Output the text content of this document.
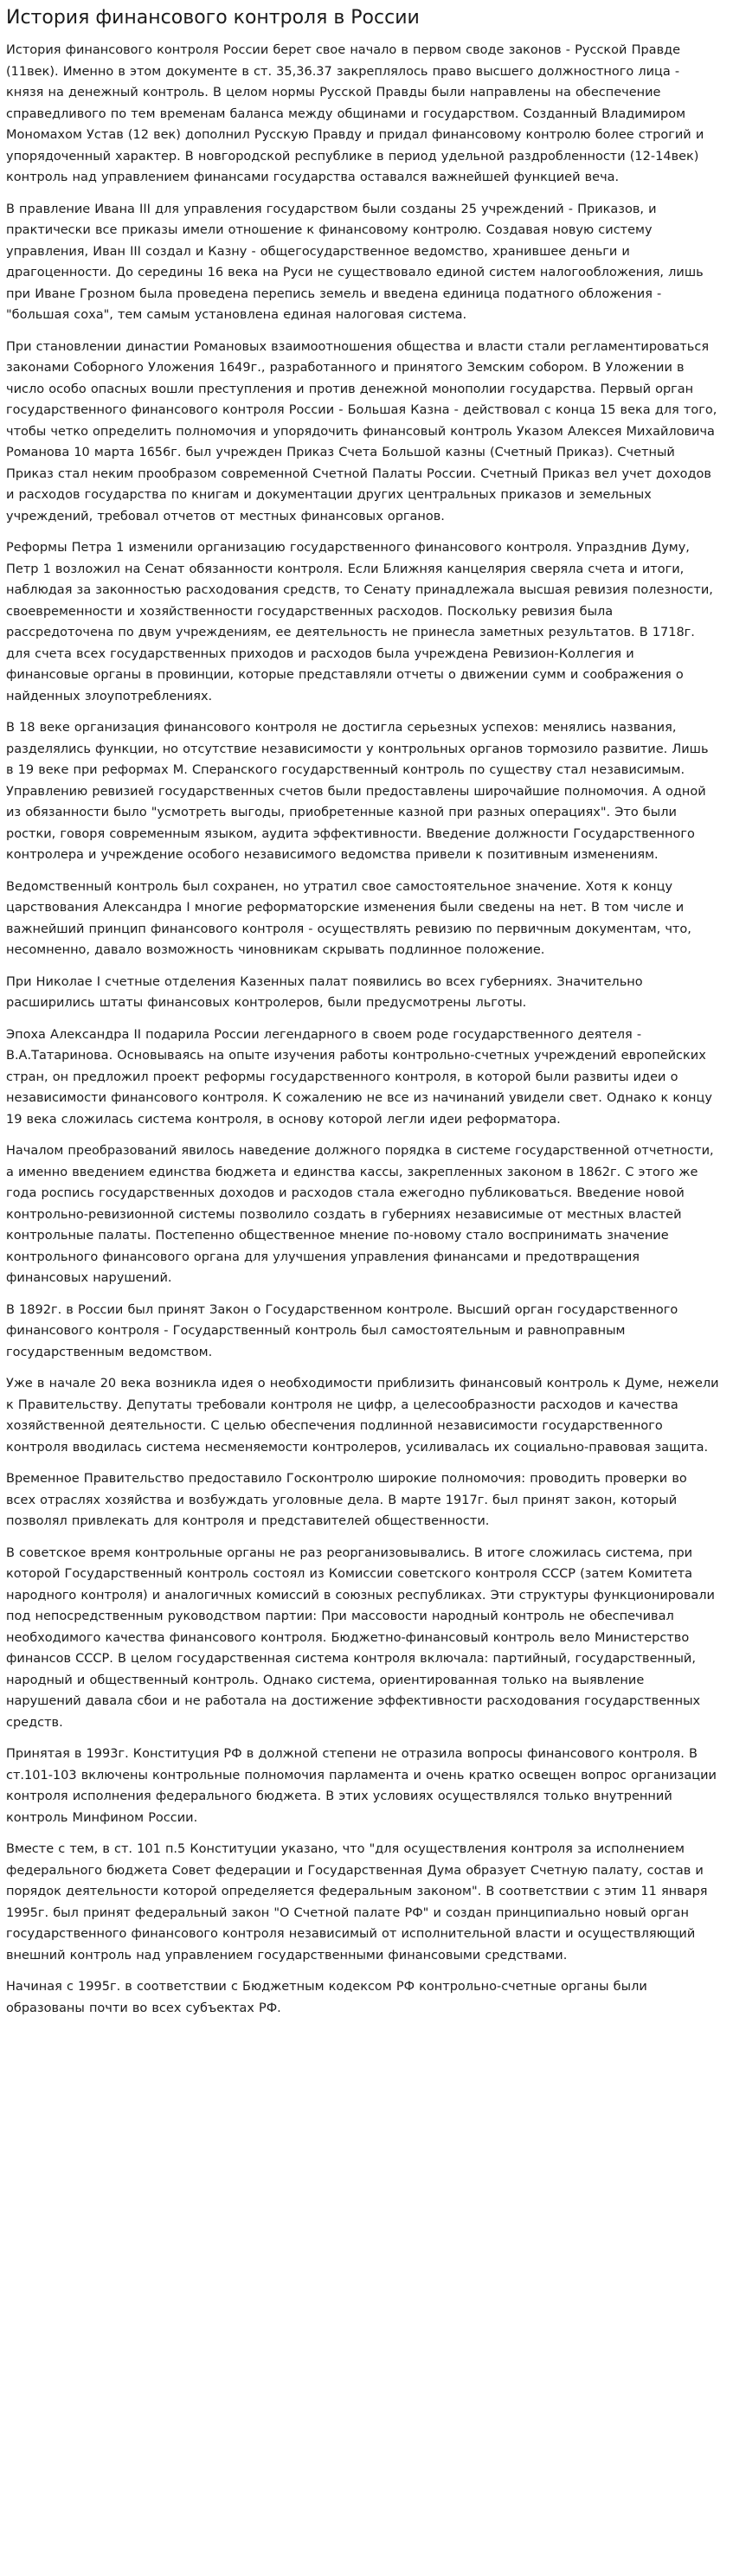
История финансового контроля в России

История финансового контроля России берет свое начало в первом своде законов - Русской Правде (11век). Именно в этом документе в ст. 35,36.37 закреплялось право высшего должностного лица - князя на денежный контроль. В целом нормы Русской Правды были направлены на обеспечение справедливого по тем временам баланса между общинами и государством. Созданный Владимиром Мономахом Устав (12 век) дополнил Русскую Правду и придал финансовому контролю более строгий и упорядоченный характер. В новгородской республике в период удельной раздробленности (12-14век) контроль над управлением финансами государства оставался важнейшей функцией веча.

В правление Ивана III для управления государством были созданы 25 учреждений - Приказов, и практически все приказы имели отношение к финансовому контролю. Создавая новую систему управления, Иван III создал и Казну - общегосударственное ведомство, хранившее деньги и драгоценности. До середины 16 века на Руси не существовало единой систем налогообложения, лишь при Иване Грозном была проведена перепись земель и введена единица податного обложения - "большая соха", тем самым установлена единая налоговая система.

При становлении династии Романовых взаимоотношения общества и власти стали регламентироваться законами Соборного Уложения 1649г., разработанного и принятого Земским собором. В Уложении в число особо опасных вошли преступления и против денежной монополии государства. Первый орган государственного финансового контроля России - Большая Казна - действовал с конца 15 века для того, чтобы четко определить полномочия и упорядочить финансовый контроль Указом Алексея Михайловича Романова 10 марта 1656г. был учрежден Приказ Счета Большой казны (Счетный Приказ). Счетный Приказ стал неким прообразом современной Счетной Палаты России. Счетный Приказ вел учет доходов и расходов государства по книгам и документации других центральных приказов и земельных учреждений, требовал отчетов от местных финансовых органов.

Реформы Петра 1 изменили организацию государственного финансового контроля. Упразднив Думу, Петр 1 возложил на Сенат обязанности контроля. Если Ближняя канцелярия сверяла счета и итоги, наблюдая за законностью расходования средств, то Сенату принадлежала высшая ревизия полезности, своевременности и хозяйственности государственных расходов. Поскольку ревизия была рассредоточена по двум учреждениям, ее деятельность не принесла заметных результатов. В 1718г. для счета всех государственных приходов и расходов была учреждена Ревизион-Коллегия и финансовые органы в провинции, которые представляли отчеты о движении сумм и соображения о найденных злоупотреблениях.

В 18 веке организация финансового контроля не достигла серьезных успехов: менялись названия, разделялись функции, но отсутствие независимости у контрольных органов тормозило развитие. Лишь в 19 веке при реформах М. Сперанского государственный контроль по существу стал независимым. Управлению ревизией государственных счетов были предоставлены широчайшие полномочия. А одной из обязанности было "усмотреть выгоды, приобретенные казной при разных операциях". Это были ростки, говоря современным языком, аудита эффективности. Введение должности Государственного контролера и учреждение особого независимого ведомства привели к позитивным изменениям.

Ведомственный контроль был сохранен, но утратил свое самостоятельное значение. Хотя к концу царствования Александра I многие реформаторские изменения были сведены на нет. В том числе и важнейший принцип финансового контроля - осуществлять ревизию по первичным документам, что, несомненно, давало возможность чиновникам скрывать подлинное положение.

При Николае I счетные отделения Казенных палат появились во всех губерниях. Значительно расширились штаты финансовых контролеров, были предусмотрены льготы.

Эпоха Александра II подарила России легендарного в своем роде государственного деятеля - В.А.Татаринова. Основываясь на опыте изучения работы контрольно-счетных учреждений европейских стран, он предложил проект реформы государственного контроля, в которой были развиты идеи о независимости финансового контроля. К сожалению не все из начинаний увидели свет. Однако к концу 19 века сложилась система контроля, в основу которой легли идеи реформатора.

Началом преобразований явилось наведение должного порядка в системе государственной отчетности, а именно введением единства бюджета и единства кассы, закрепленных законом в 1862г. С этого же года роспись государственных доходов и расходов стала ежегодно публиковаться. Введение новой контрольно-ревизионной системы позволило создать в губерниях независимые от местных властей контрольные палаты. Постепенно общественное мнение по-новому стало воспринимать значение контрольного финансового органа для улучшения управления финансами и предотвращения финансовых нарушений.

В 1892г. в России был принят Закон о Государственном контроле. Высший орган государственного финансового контроля - Государственный контроль был самостоятельным и равноправным государственным ведомством.

Уже в начале 20 века возникла идея о необходимости приблизить финансовый контроль к Думе, нежели к Правительству. Депутаты требовали контроля не цифр, а целесообразности расходов и качества хозяйственной деятельности. С целью обеспечения подлинной независимости государственного контроля вводилась система несменяемости контролеров, усиливалась их социально-правовая защита.

Временное Правительство предоставило Госконтролю широкие полномочия: проводить проверки во всех отраслях хозяйства и возбуждать уголовные дела. В марте 1917г. был принят закон, который позволял привлекать для контроля и представителей общественности.

В советское время контрольные органы не раз реорганизовывались. В итоге сложилась система, при которой Государственный контроль состоял из Комиссии советского контроля СССР (затем Комитета народного контроля) и аналогичных комиссий в союзных республиках. Эти структуры функционировали под непосредственным руководством партии: При массовости народный контроль не обеспечивал необходимого качества финансового контроля. Бюджетно-финансовый контроль вело Министерство финансов СССР. В целом государственная система контроля включала: партийный, государственный, народный и общественный контроль. Однако система, ориентированная только на выявление нарушений давала сбои и не работала на достижение эффективности расходования государственных средств.

Принятая в 1993г. Конституция РФ в должной степени не отразила вопросы финансового контроля. В ст.101-103 включены контрольные полномочия парламента и очень кратко освещен вопрос организации контроля исполнения федерального бюджета. В этих условиях осуществлялся только внутренний контроль Минфином России.

Вместе с тем, в ст. 101 п.5 Конституции указано, что "для осуществления контроля за исполнением федерального бюджета Совет федерации и Государственная Дума образует Счетную палату, состав и порядок деятельности которой определяется федеральным законом". В соответствии с этим 11 января 1995г. был принят федеральный закон "О Счетной палате РФ" и создан принципиально новый орган государственного финансового контроля независимый от исполнительной власти и осуществляющий внешний контроль над управлением государственными финансовыми средствами.

Начиная с 1995г. в соответствии с Бюджетным кодексом РФ контрольно-счетные органы были образованы почти во всех субъектах РФ.
